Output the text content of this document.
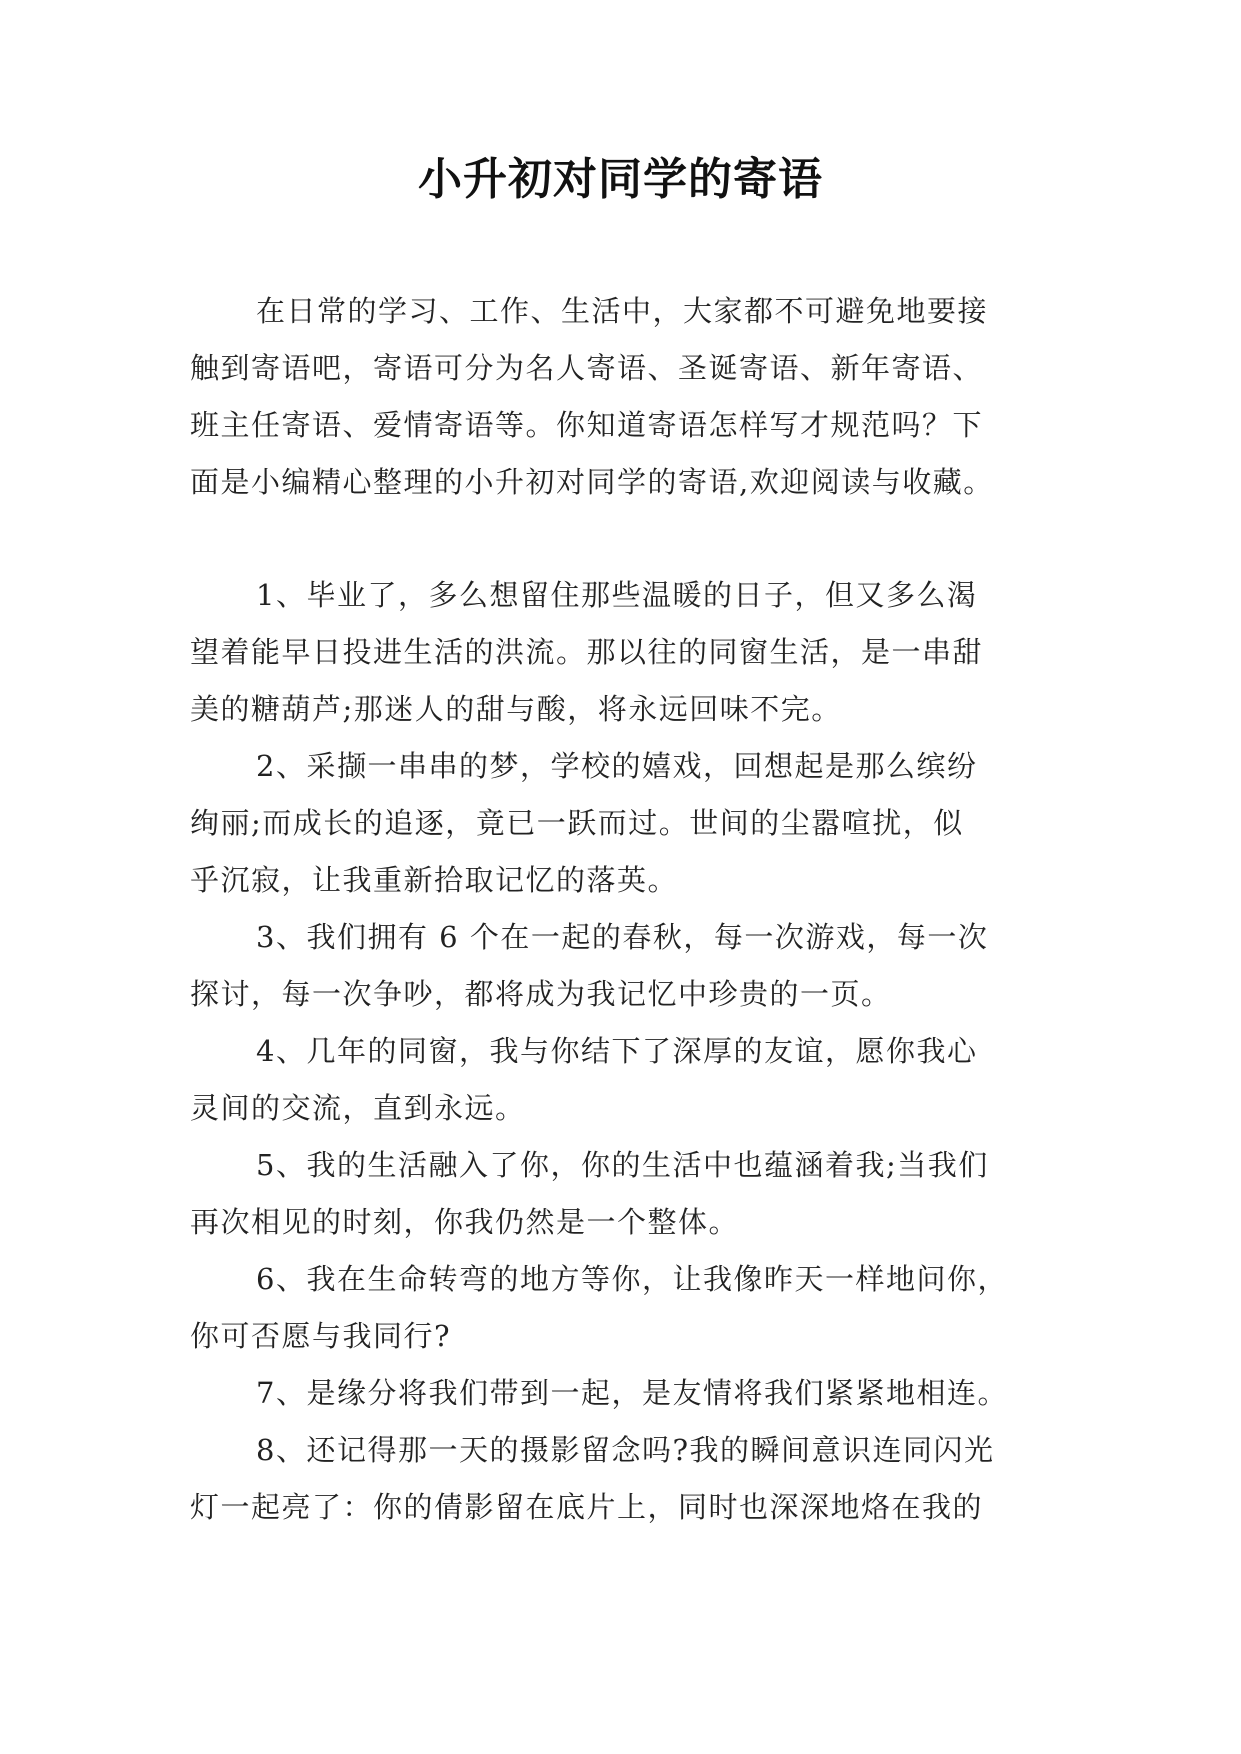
小升初对同学的寄语
在日常的学习、工作、生活中，大家都不可避免地要接
触到寄语吧，寄语可分为名人寄语、圣诞寄语、新年寄语、
班主任寄语、爱情寄语等。你知道寄语怎样写才规范吗？下
面是小编精心整理的小升初对同学的寄语,欢迎阅读与收藏。
1、毕业了，多么想留住那些温暖的日子，但又多么渴
望着能早日投进生活的洪流。那以往的同窗生活，是一串甜
美的糖葫芦;那迷人的甜与酸，将永远回味不完。
2、采撷一串串的梦，学校的嬉戏，回想起是那么缤纷
绚丽;而成长的追逐，竟已一跃而过。世间的尘嚣喧扰，似
乎沉寂，让我重新拾取记忆的落英。
3、我们拥有 6 个在一起的春秋，每一次游戏，每一次
探讨，每一次争吵，都将成为我记忆中珍贵的一页。
4、几年的同窗，我与你结下了深厚的友谊，愿你我心
灵间的交流，直到永远。
5、我的生活融入了你，你的生活中也蕴涵着我;当我们
再次相见的时刻，你我仍然是一个整体。
6、我在生命转弯的地方等你，让我像昨天一样地问你，
你可否愿与我同行?
7、是缘分将我们带到一起，是友情将我们紧紧地相连。
8、还记得那一天的摄影留念吗?我的瞬间意识连同闪光
灯一起亮了：你的倩影留在底片上，同时也深深地烙在我的
